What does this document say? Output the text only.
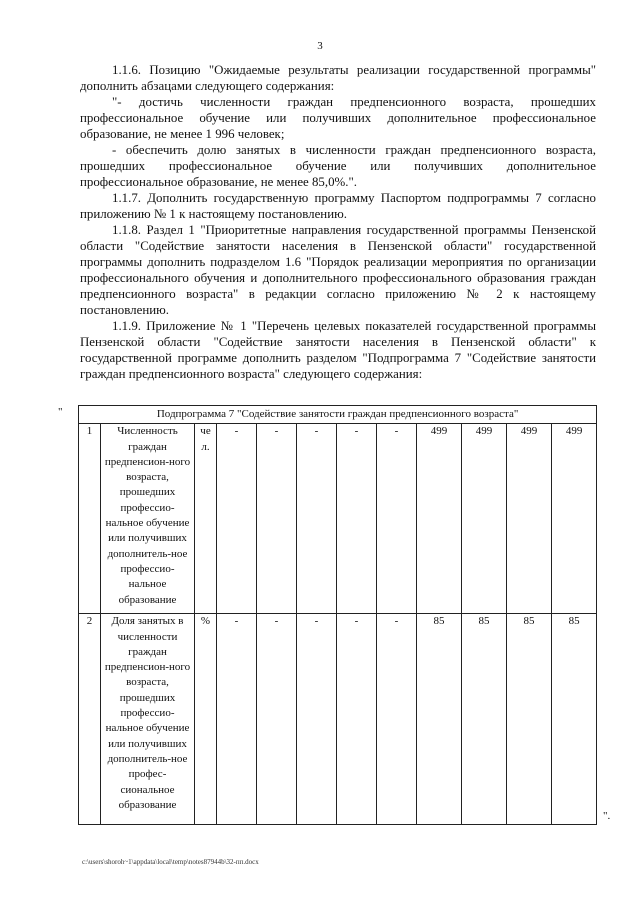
3

1.1.6. Позицию "Ожидаемые результаты реализации государственной программы" дополнить абзацами следующего содержания:

"- достичь численности граждан предпенсионного возраста, прошедших профессиональное обучение или получивших дополнительное профессиональное образование, не менее 1 996 человек;

- обеспечить долю занятых в численности граждан предпенсионного возраста, прошедших профессиональное обучение или получивших дополнительное профессиональное образование, не менее 85,0%.".

1.1.7. Дополнить государственную программу Паспортом подпрограммы 7 согласно приложению № 1 к настоящему постановлению.

1.1.8. Раздел 1 "Приоритетные направления государственной программы Пензенской области "Содействие занятости населения в Пензенской области" государственной программы дополнить подразделом 1.6 "Порядок реализации мероприятия по организации профессионального обучения и дополнительного профессионального образования граждан предпенсионного возраста" в редакции согласно приложению № 2 к настоящему постановлению.

1.1.9. Приложение № 1 "Перечень целевых показателей государственной программы Пензенской области "Содействие занятости населения в Пензенской области" к государственной программе дополнить разделом "Подпрограмма 7 "Содействие занятости граждан предпенсионного возраста" следующего содержания:

"	Подпрограмма 7 "Содействие занятости граждан предпенсионного возраста"											
1	Численность граждан предпенсион-ного возраста, прошедших профессио-нальное обучение или получивших дополнитель-ное профессио-нальное образование	чел.	-	-	-	-	-	499	499	499	499
2	Доля занятых в численности граждан предпенсион-ного возраста, прошедших профессио-нальное обучение или получивших дополнитель-ное профес-сиональное образование	%	-	-	-	-	-	85	85	85	85
".
c:\users\shoroh~1\appdata\local\temp\notes87944b\32-пп.docx
